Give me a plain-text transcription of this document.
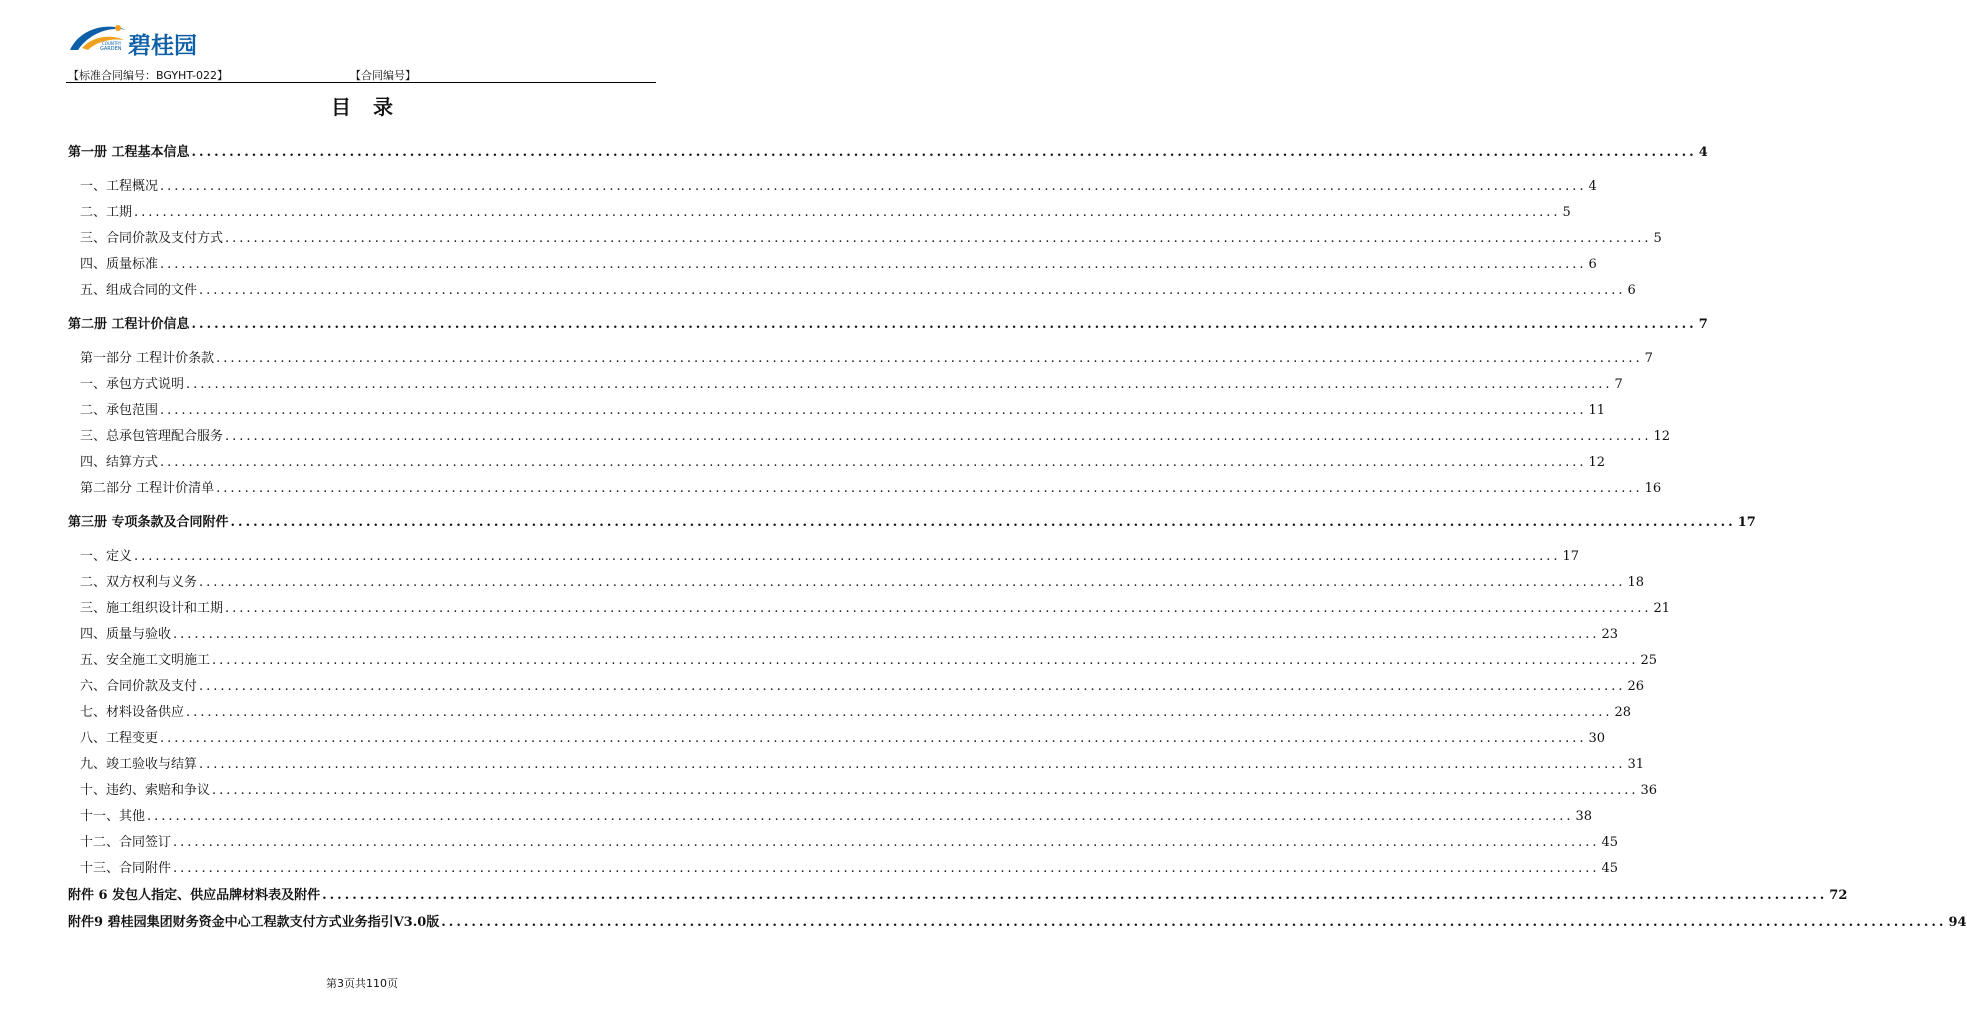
碧桂园
COUNTRY
GARDEN
【标准合同编号：BGYHT-022】	【合同编号】
目录
第一册 工程基本信息 ........................................................................................................................................................................................................ 4
一、工程概况 ........................................................................................................................................................................................................ 4
二、工期 ........................................................................................................................................................................................................ 5
三、合同价款及支付方式 ........................................................................................................................................................................................................ 5
四、质量标准 ........................................................................................................................................................................................................ 6
五、组成合同的文件 ........................................................................................................................................................................................................ 6
第二册 工程计价信息 ........................................................................................................................................................................................................ 7
第一部分 工程计价条款 ........................................................................................................................................................................................................ 7
一、承包方式说明 ........................................................................................................................................................................................................ 7
二、承包范围 ........................................................................................................................................................................................................ 11
三、总承包管理配合服务 ........................................................................................................................................................................................................ 12
四、结算方式 ........................................................................................................................................................................................................ 12
第二部分 工程计价清单 ........................................................................................................................................................................................................ 16
第三册 专项条款及合同附件 ........................................................................................................................................................................................................ 17
一、定义 ........................................................................................................................................................................................................ 17
二、双方权利与义务 ........................................................................................................................................................................................................ 18
三、施工组织设计和工期 ........................................................................................................................................................................................................ 21
四、质量与验收 ........................................................................................................................................................................................................ 23
五、安全施工文明施工 ........................................................................................................................................................................................................ 25
六、合同价款及支付 ........................................................................................................................................................................................................ 26
七、材料设备供应 ........................................................................................................................................................................................................ 28
八、工程变更 ........................................................................................................................................................................................................ 30
九、竣工验收与结算 ........................................................................................................................................................................................................ 31
十、违约、索赔和争议 ........................................................................................................................................................................................................ 36
十一、其他 ........................................................................................................................................................................................................ 38
十二、合同签订 ........................................................................................................................................................................................................ 45
十三、合同附件 ........................................................................................................................................................................................................ 45
附件 6 发包人指定、供应品牌材料表及附件 ........................................................................................................................................................................................................ 72
附件9 碧桂园集团财务资金中心工程款支付方式业务指引V3.0版 ........................................................................................................................................................................................................ 94
第3页共110页
